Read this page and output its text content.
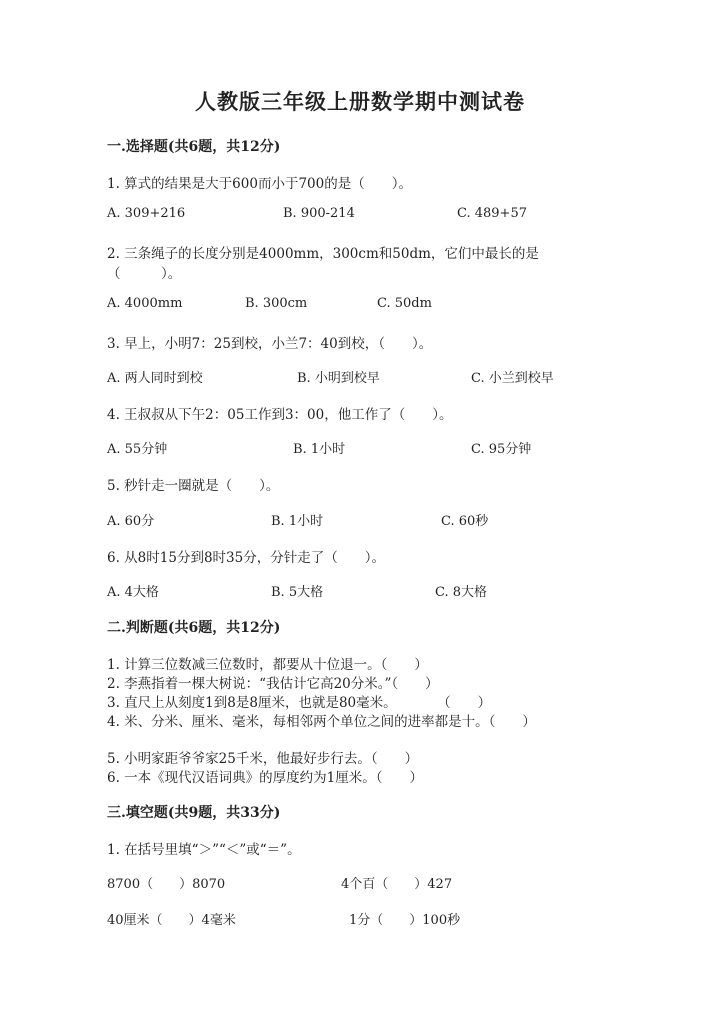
人教版三年级上册数学期中测试卷
一.选择题(共6题，共12分)
1. 算式的结果是大于600而小于700的是（　　）。
A. 309+216	B. 900-214	C. 489+57
2. 三条绳子的长度分别是4000mm，300cm和50dm，它们中最长的是
（　　　）。
A. 4000mm	B. 300cm	C. 50dm
3. 早上，小明7：25到校，小兰7：40到校，（　　）。
A. 两人同时到校	B. 小明到校早	C. 小兰到校早
4. 王叔叔从下午2：05工作到3：00，他工作了（　　）。
A. 55分钟	B. 1小时	C. 95分钟
5. 秒针走一圈就是（　　）。
A. 60分	B. 1小时	C. 60秒
6. 从8时15分到8时35分，分针走了（　　）。
A. 4大格	B. 5大格	C. 8大格
二.判断题(共6题，共12分)
1. 计算三位数减三位数时，都要从十位退一。（　　）
2. 李燕指着一棵大树说：“我估计它高20分米。”（　　）
3. 直尺上从刻度1到8是8厘米，也就是80毫米。　　　　（　　）
4. 米、分米、厘米、毫米，每相邻两个单位之间的进率都是十。（　　）
5. 小明家距爷爷家25千米，他最好步行去。（　　）
6. 一本《现代汉语词典》的厚度约为1厘米。（　　）
三.填空题(共9题，共33分)
1. 在括号里填“＞”“＜”或“＝”。
8700（　　）8070	4个百（　　）427
40厘米（　　）4毫米	1分（　　）100秒
